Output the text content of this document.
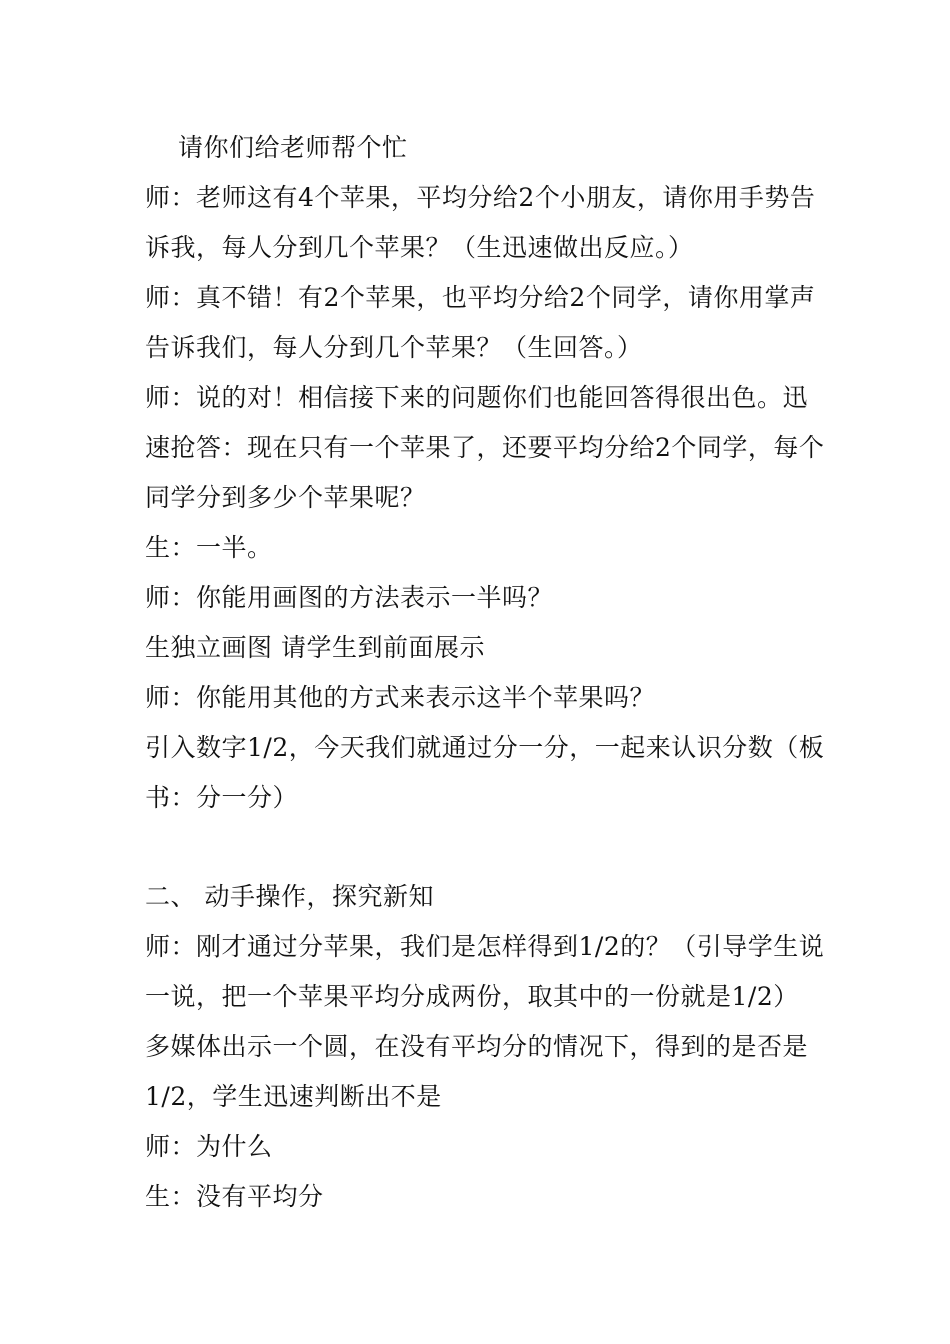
请你们给老师帮个忙
师：老师这有4个苹果，平均分给2个小朋友，请你用手势告
诉我，每人分到几个苹果？（生迅速做出反应。）
师：真不错！有2个苹果，也平均分给2个同学，请你用掌声
告诉我们，每人分到几个苹果？（生回答。）
师：说的对！相信接下来的问题你们也能回答得很出色。迅
速抢答：现在只有一个苹果了，还要平均分给2个同学，每个
同学分到多少个苹果呢？
生：一半。
师：你能用画图的方法表示一半吗？
生独立画图 请学生到前面展示
师：你能用其他的方式来表示这半个苹果吗？
引入数字1/2，今天我们就通过分一分，一起来认识分数（板
书：分一分）
二、 动手操作，探究新知
师：刚才通过分苹果，我们是怎样得到1/2的？（引导学生说
一说，把一个苹果平均分成两份，取其中的一份就是1/2）
多媒体出示一个圆，在没有平均分的情况下，得到的是否是
1/2，学生迅速判断出不是
师：为什么
生：没有平均分
